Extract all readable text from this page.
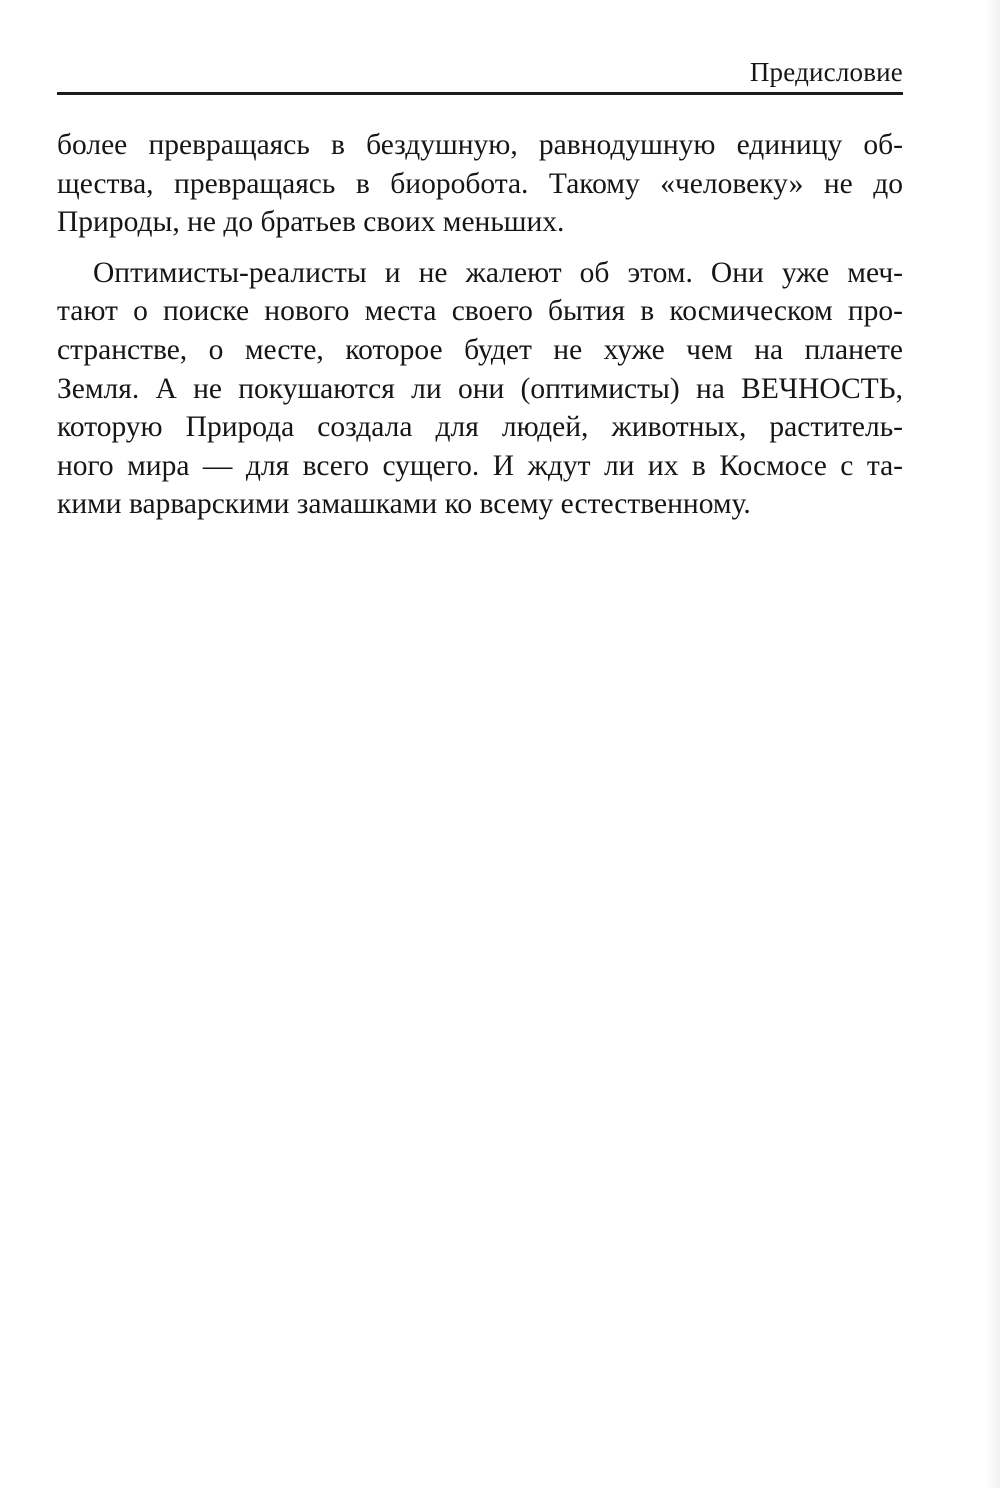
Предисловие

более превращаясь в бездушную, равнодушную единицу об-
щества, превращаясь в биоробота. Такому «человеку» не до
Природы, не до братьев своих меньших.

Оптимисты-реалисты и не жалеют об этом. Они уже меч-
тают о поиске нового места своего бытия в космическом про-
странстве, о месте, которое будет не хуже чем на планете
Земля. А не покушаются ли они (оптимисты) на ВЕЧНОСТЬ,
которую Природа создала для людей, животных, раститель-
ного мира — для всего сущего. И ждут ли их в Космосе с та-
кими варварскими замашками ко всему естественному.
